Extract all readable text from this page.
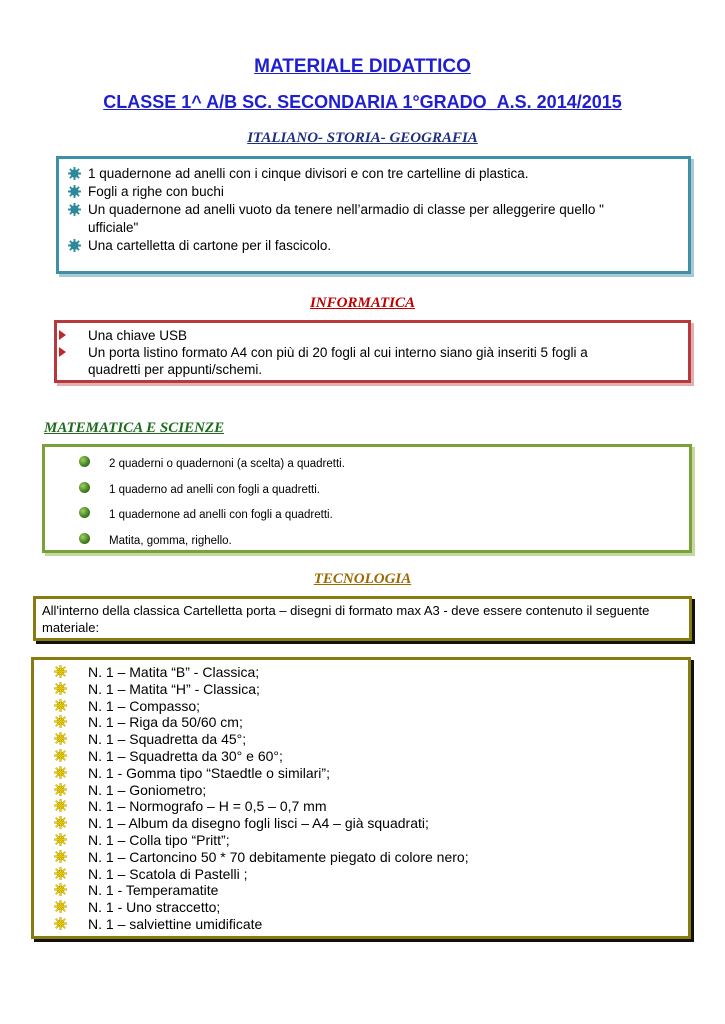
MATERIALE DIDATTICO
CLASSE 1^ A/B SC. SECONDARIA 1°GRADO_A.S. 2014/2015
ITALIANO- STORIA- GEOGRAFIA
1 quadernone ad anelli con i cinque divisori e con tre cartelline di plastica.
Fogli a righe con buchi
Un quadernone ad anelli vuoto da tenere nell’armadio di classe per alleggerire quello "
ufficiale"
Una cartelletta di cartone per il fascicolo.
INFORMATICA
Una chiave USB
Un porta listino formato A4 con più di 20 fogli al cui interno siano già inseriti 5 fogli a
quadretti per appunti/schemi.
MATEMATICA E SCIENZE
2 quaderni o quadernoni (a scelta) a quadretti.
1 quaderno ad anelli con fogli a quadretti.
1 quadernone ad anelli con fogli a quadretti.
Matita, gomma, righello.
TECNOLOGIA
All'interno della classica Cartelletta porta – disegni di formato max A3 - deve essere contenuto il seguente
materiale:
N. 1 – Matita “B” - Classica;
N. 1 – Matita “H” - Classica;
N. 1 – Compasso;
N. 1 – Riga da 50/60 cm;
N. 1 – Squadretta da 45°;
N. 1 – Squadretta da 30° e 60°;
N. 1 - Gomma tipo “Staedtle o similari”;
N. 1 – Goniometro;
N. 1 – Normografo – H = 0,5 – 0,7 mm
N. 1 – Album da disegno fogli lisci – A4 – già squadrati;
N. 1 – Colla tipo “Pritt”;
N. 1 – Cartoncino 50 * 70 debitamente piegato di colore nero;
N. 1 – Scatola di Pastelli ;
N. 1 - Temperamatite
N. 1 - Uno straccetto;
N. 1 – salviettine umidificate
